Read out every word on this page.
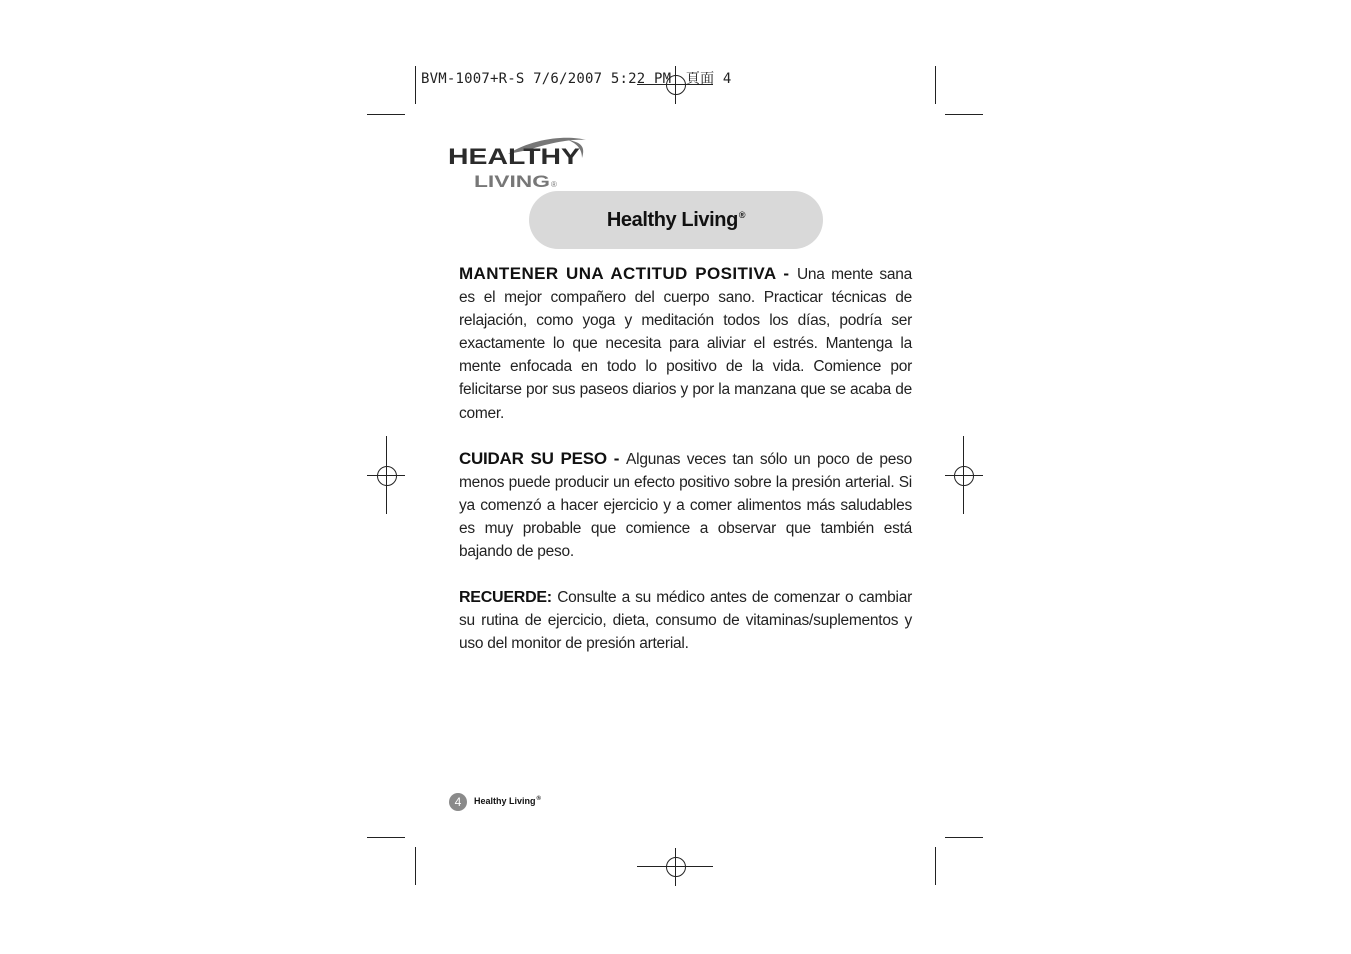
BVM-1007+R-S 7/6/2007 5:22 PM 頁面 4
HEALTHY
LIVING ®
Healthy Living®
MANTENER UNA ACTITUD POSITIVA - Una mente sana es el mejor compañero del cuerpo sano. Practicar técnicas de relajación, como yoga y meditación todos los días, podría ser exactamente lo que necesita para aliviar el estrés. Mantenga la mente enfocada en todo lo positivo de la vida. Comience por felicitarse por sus paseos diarios y por la manzana que se acaba de comer.
CUIDAR SU PESO - Algunas veces tan sólo un poco de peso menos puede producir un efecto positivo sobre la presión arterial. Si ya comenzó a hacer ejercicio y a comer alimentos más saludables es muy probable que comience a observar que también está bajando de peso.
RECUERDE: Consulte a su médico antes de comenzar o cambiar su rutina de ejercicio, dieta, consumo de vitaminas/suplementos y uso del monitor de presión arterial.
4	Healthy Living®
